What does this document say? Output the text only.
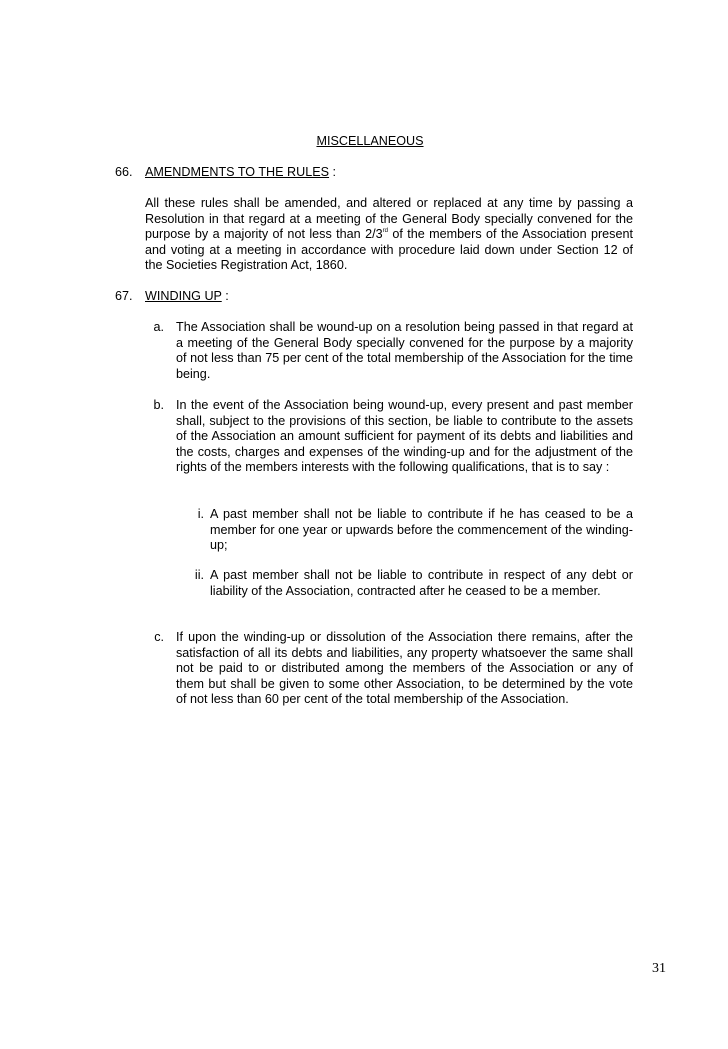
MISCELLANEOUS
66. AMENDMENTS TO THE RULES :
All these rules shall be amended, and altered or replaced at any time by passing a Resolution in that regard at a meeting of the General Body specially convened for the purpose by a majority of not less than 2/3rd of the members of the Association present and voting at a meeting in accordance with procedure laid down under Section 12 of the Societies Registration Act, 1860.
67. WINDING UP :
a. The Association shall be wound-up on a resolution being passed in that regard at a meeting of the General Body specially convened for the purpose by a majority of not less than 75 per cent of the total membership of the Association for the time being.
b. In the event of the Association being wound-up, every present and past member shall, subject to the provisions of this section, be liable to contribute to the assets of the Association an amount sufficient for payment of its debts and liabilities and the costs, charges and expenses of the winding-up and for the adjustment of the rights of the members interests with the following qualifications, that is to say :
i. A past member shall not be liable to contribute if he has ceased to be a member for one year or upwards before the commencement of the winding-up;
ii. A past member shall not be liable to contribute in respect of any debt or liability of the Association, contracted after he ceased to be a member.
c. If upon the winding-up or dissolution of the Association there remains, after the satisfaction of all its debts and liabilities, any property whatsoever the same shall not be paid to or distributed among the members of the Association or any of them but shall be given to some other Association, to be determined by the vote of not less than 60 per cent of the total membership of the Association.
31
